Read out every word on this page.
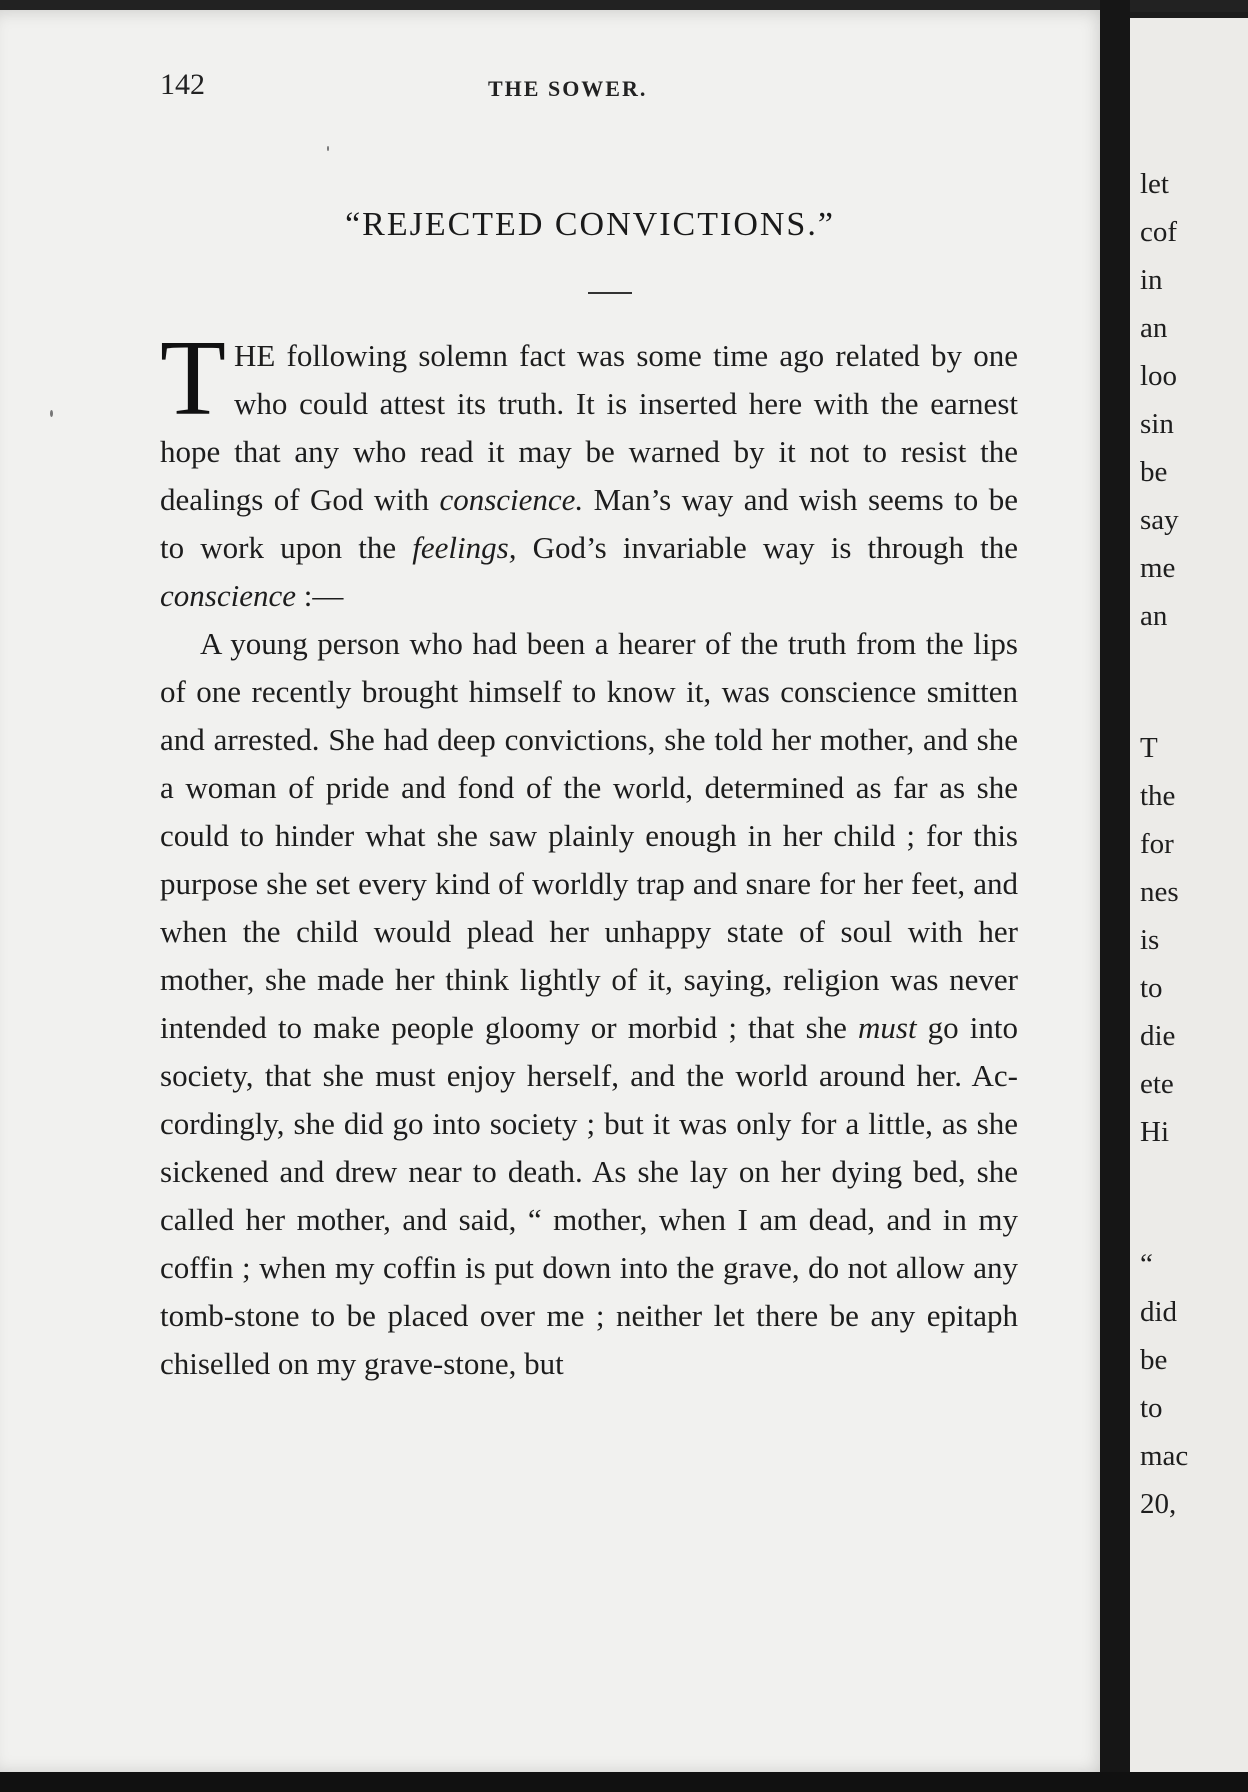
142	THE SOWER.
“REJECTED CONVICTIONS.”

T HE following solemn fact was some time ago related by one who could attest its truth. It is inserted here with the earnest hope that any who read it may be warned by it not to resist the dealings of God with conscience. Man’s way and wish seems to be to work upon the feelings, God’s invariable way is through the conscience :—

A young person who had been a hearer of the truth from the lips of one recently brought himself to know it, was conscience smitten and arrested. She had deep convictions, she told her mother, and she a woman of pride and fond of the world, determined as far as she could to hinder what she saw plainly enough in her child ; for this purpose she set every kind of worldly trap and snare for her feet, and when the child would plead her unhappy state of soul with her mother, she made her think lightly of it, saying, religion was never intended to make people gloomy or morbid ; that she must go into society, that she must enjoy herself, and the world around her. Ac-cordingly, she did go into society ; but it was only for a little, as she sickened and drew near to death. As she lay on her dying bed, she called her mother, and said, “ mother, when I am dead, and in my coffin ; when my coffin is put down into the grave, do not allow any tomb-stone to be placed over me ; neither let there be any epitaph chiselled on my grave-stone, but

let
cof
in
an
loo
sin
be
say
me
an
T
the
for
nes
is
to
die
ete
Hi
“
did
be
to
mac
20,
